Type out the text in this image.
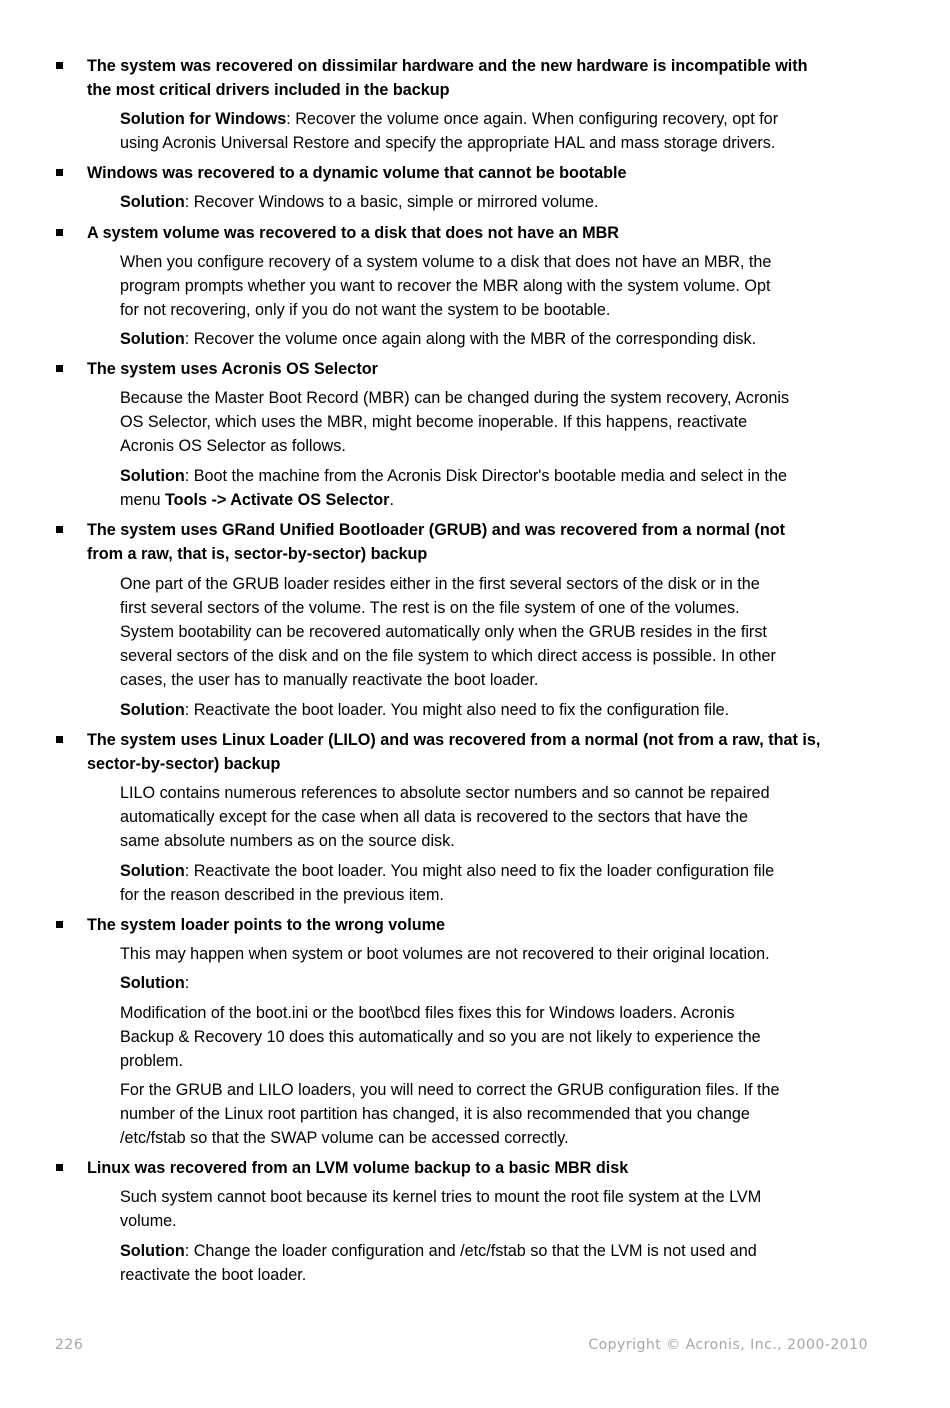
The system was recovered on dissimilar hardware and the new hardware is incompatible with
the most critical drivers included in the backup
Solution for Windows: Recover the volume once again. When configuring recovery, opt for
using Acronis Universal Restore and specify the appropriate HAL and mass storage drivers.
Windows was recovered to a dynamic volume that cannot be bootable
Solution: Recover Windows to a basic, simple or mirrored volume.
A system volume was recovered to a disk that does not have an MBR
When you configure recovery of a system volume to a disk that does not have an MBR, the
program prompts whether you want to recover the MBR along with the system volume. Opt
for not recovering, only if you do not want the system to be bootable.
Solution: Recover the volume once again along with the MBR of the corresponding disk.
The system uses Acronis OS Selector
Because the Master Boot Record (MBR) can be changed during the system recovery, Acronis
OS Selector, which uses the MBR, might become inoperable. If this happens, reactivate
Acronis OS Selector as follows.
Solution: Boot the machine from the Acronis Disk Director's bootable media and select in the
menu Tools -> Activate OS Selector.
The system uses GRand Unified Bootloader (GRUB) and was recovered from a normal (not
from a raw, that is, sector-by-sector) backup
One part of the GRUB loader resides either in the first several sectors of the disk or in the
first several sectors of the volume. The rest is on the file system of one of the volumes.
System bootability can be recovered automatically only when the GRUB resides in the first
several sectors of the disk and on the file system to which direct access is possible. In other
cases, the user has to manually reactivate the boot loader.
Solution: Reactivate the boot loader. You might also need to fix the configuration file.
The system uses Linux Loader (LILO) and was recovered from a normal (not from a raw, that is,
sector-by-sector) backup
LILO contains numerous references to absolute sector numbers and so cannot be repaired
automatically except for the case when all data is recovered to the sectors that have the
same absolute numbers as on the source disk.
Solution: Reactivate the boot loader. You might also need to fix the loader configuration file
for the reason described in the previous item.
The system loader points to the wrong volume
This may happen when system or boot volumes are not recovered to their original location.
Solution:
Modification of the boot.ini or the boot\bcd files fixes this for Windows loaders. Acronis
Backup & Recovery 10 does this automatically and so you are not likely to experience the
problem.
For the GRUB and LILO loaders, you will need to correct the GRUB configuration files. If the
number of the Linux root partition has changed, it is also recommended that you change
/etc/fstab so that the SWAP volume can be accessed correctly.
Linux was recovered from an LVM volume backup to a basic MBR disk
Such system cannot boot because its kernel tries to mount the root file system at the LVM
volume.
Solution: Change the loader configuration and /etc/fstab so that the LVM is not used and
reactivate the boot loader.
226	Copyright © Acronis, Inc., 2000-2010
